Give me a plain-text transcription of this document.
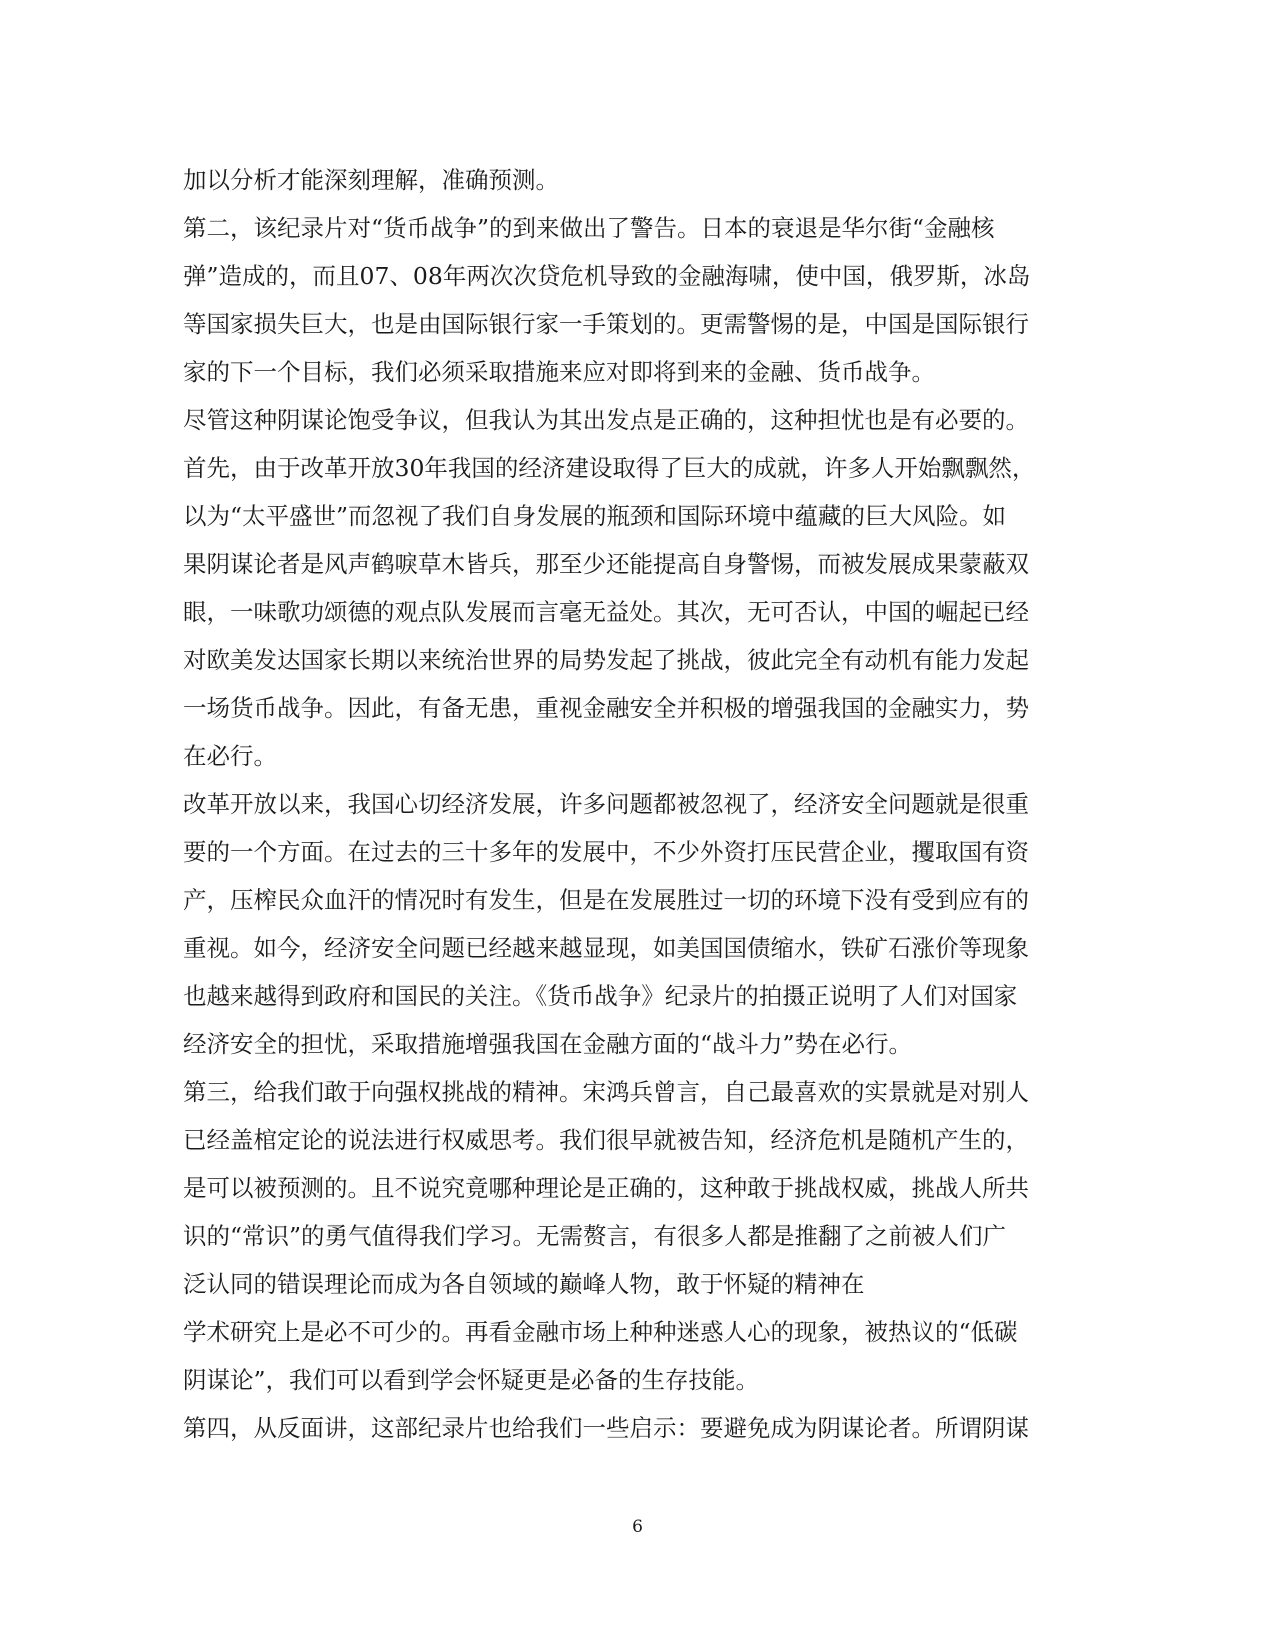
加以分析才能深刻理解，准确预测。
第二，该纪录片对“货币战争”的到来做出了警告。日本的衰退是华尔街“金融核
弹”造成的，而且07、08年两次次贷危机导致的金融海啸，使中国，俄罗斯，冰岛
等国家损失巨大，也是由国际银行家一手策划的。更需警惕的是，中国是国际银行
家的下一个目标，我们必须采取措施来应对即将到来的金融、货币战争。
尽管这种阴谋论饱受争议，但我认为其出发点是正确的，这种担忧也是有必要的。
首先，由于改革开放30年我国的经济建设取得了巨大的成就，许多人开始飘飘然，
以为“太平盛世”而忽视了我们自身发展的瓶颈和国际环境中蕴藏的巨大风险。如
果阴谋论者是风声鹤唳草木皆兵，那至少还能提高自身警惕，而被发展成果蒙蔽双
眼，一味歌功颂德的观点队发展而言毫无益处。其次，无可否认，中国的崛起已经
对欧美发达国家长期以来统治世界的局势发起了挑战，彼此完全有动机有能力发起
一场货币战争。因此，有备无患，重视金融安全并积极的增强我国的金融实力，势
在必行。
改革开放以来，我国心切经济发展，许多问题都被忽视了，经济安全问题就是很重
要的一个方面。在过去的三十多年的发展中，不少外资打压民营企业，攫取国有资
产，压榨民众血汗的情况时有发生，但是在发展胜过一切的环境下没有受到应有的
重视。如今，经济安全问题已经越来越显现，如美国国债缩水，铁矿石涨价等现象
也越来越得到政府和国民的关注。《货币战争》纪录片的拍摄正说明了人们对国家
经济安全的担忧，采取措施增强我国在金融方面的“战斗力”势在必行。
第三，给我们敢于向强权挑战的精神。宋鸿兵曾言，自己最喜欢的实景就是对别人
已经盖棺定论的说法进行权威思考。我们很早就被告知，经济危机是随机产生的，
是可以被预测的。且不说究竟哪种理论是正确的，这种敢于挑战权威，挑战人所共
识的“常识”的勇气值得我们学习。无需赘言，有很多人都是推翻了之前被人们广
泛认同的错误理论而成为各自领域的巅峰人物，敢于怀疑的精神在
学术研究上是必不可少的。再看金融市场上种种迷惑人心的现象，被热议的“低碳
阴谋论”，我们可以看到学会怀疑更是必备的生存技能。
第四，从反面讲，这部纪录片也给我们一些启示：要避免成为阴谋论者。所谓阴谋
6
